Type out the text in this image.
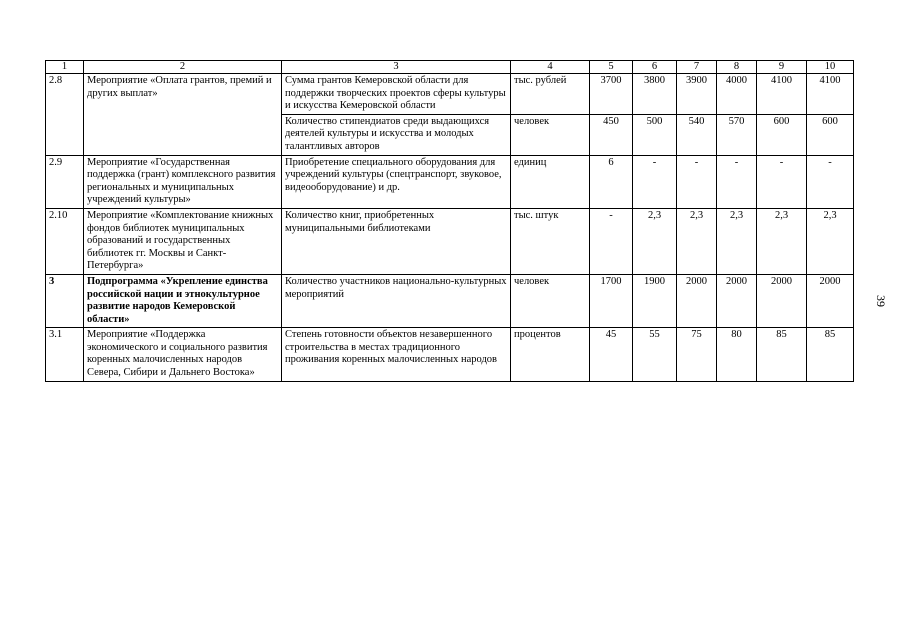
1	2	3	4	5	6	7	8	9	10
2.8	Мероприятие «Оплата грантов, премий и других выплат»	Сумма грантов Кемеровской области для поддержки творческих проектов сферы культуры и искусства Кемеровской области	тыс. рублей	3700	3800	3900	4000	4100	4100
		Количество стипендиатов среди выдающихся деятелей культуры и искусства и молодых талантливых авторов	человек	450	500	540	570	600	600
2.9	Мероприятие «Государственная поддержка (грант) комплексного развития региональных и муниципальных учреждений культуры»	Приобретение специального оборудования для учреждений культуры (спецтранспорт, звуковое, видеооборудование) и др.	единиц	6	-	-	-	-	-
2.10	Мероприятие «Комплектование книжных фондов библиотек муниципальных образований и государственных библиотек гг. Москвы и Санкт-Петербурга»	Количество книг, приобретенных муниципальными библиотеками	тыс. штук	-	2,3	2,3	2,3	2,3	2,3
3	Подпрограмма «Укрепление единства российской нации и этнокультурное развитие народов Кемеровской области»	Количество участников национально-культурных мероприятий	человек	1700	1900	2000	2000	2000	2000
3.1	Мероприятие «Поддержка экономического и социального развития коренных малочисленных народов Севера, Сибири и Дальнего Востока»	Степень готовности объектов незавершенного строительства в местах традиционного проживания коренных малочисленных народов	процентов	45	55	75	80	85	85
39
